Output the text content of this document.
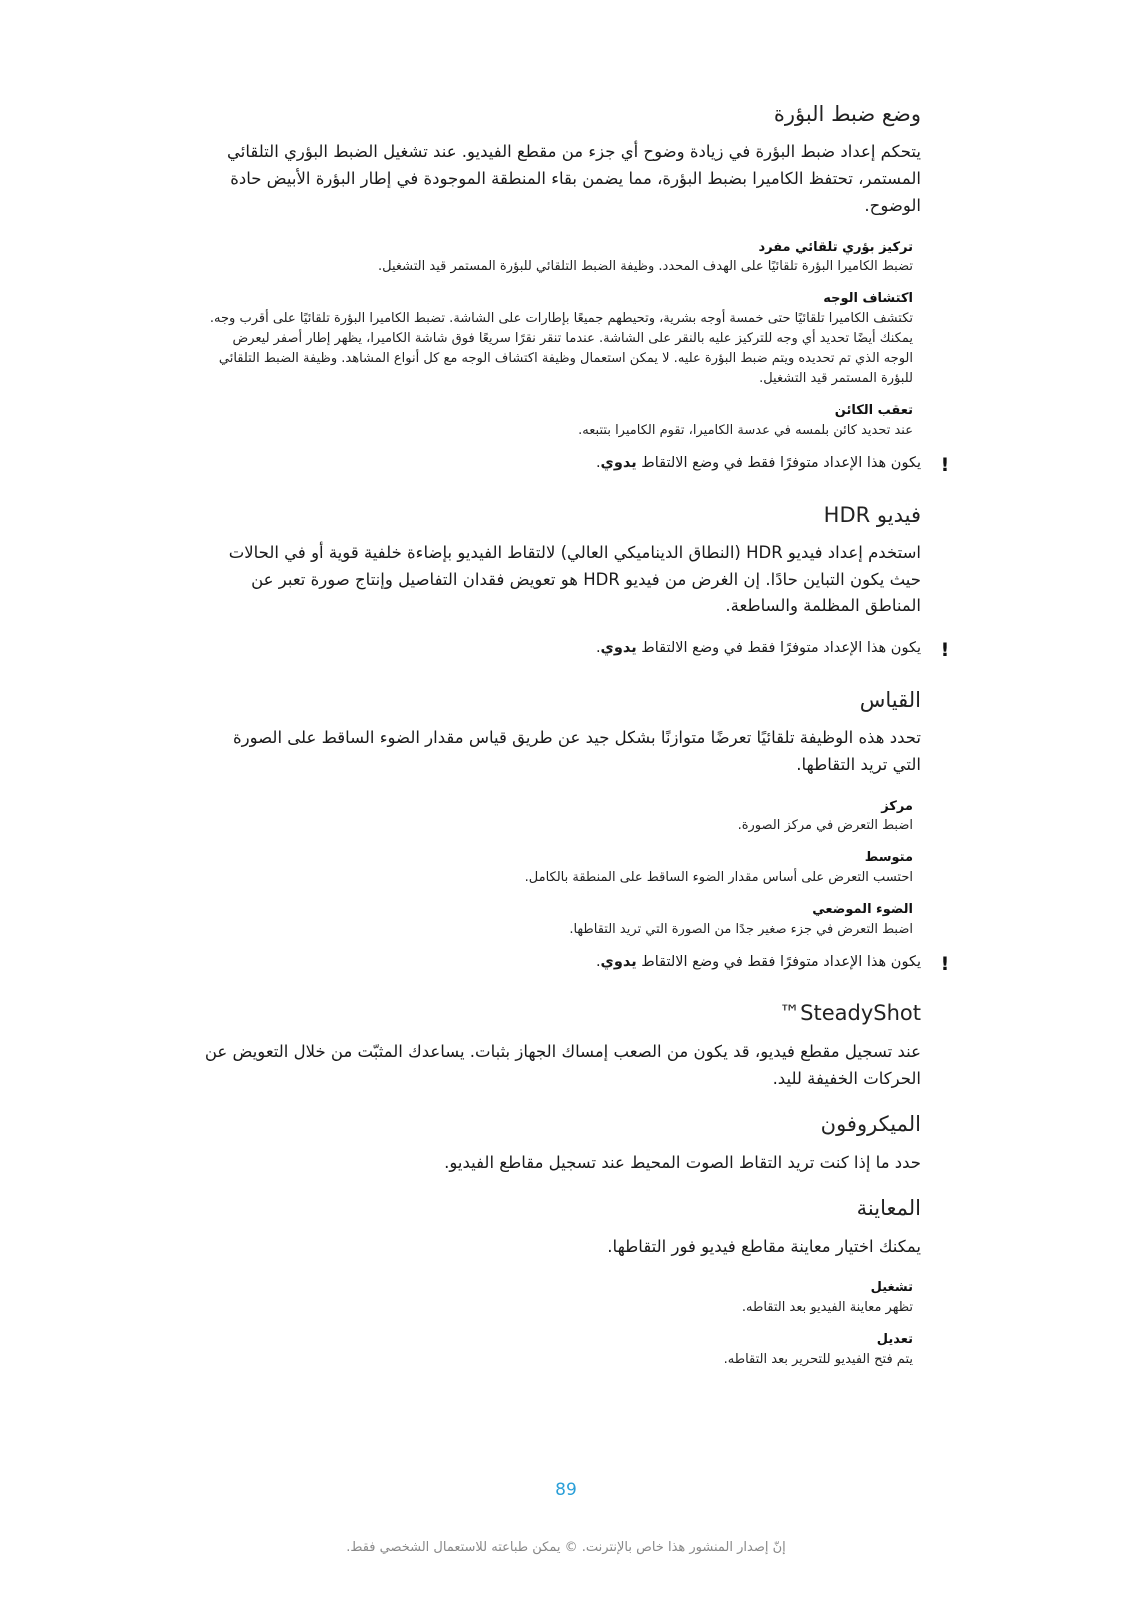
وضع ضبط البؤرة

يتحكم إعداد ضبط البؤرة في زيادة وضوح أي جزء من مقطع الفيديو. عند تشغيل الضبط البؤري التلقائي المستمر، تحتفظ الكاميرا بضبط البؤرة، مما يضمن بقاء المنطقة الموجودة في إطار البؤرة الأبيض حادة الوضوح.

تركيز بؤري تلقائي مفرد
تضبط الكاميرا البؤرة تلقائيًا على الهدف المحدد. وظيفة الضبط التلقائي للبؤرة المستمر قيد التشغيل.
اكتشاف الوجه
تكتشف الكاميرا تلقائيًا حتى خمسة أوجه بشرية، وتحيطهم جميعًا بإطارات على الشاشة. تضبط الكاميرا البؤرة تلقائيًا على أقرب وجه. يمكنك أيضًا تحديد أي وجه للتركيز عليه بالنقر على الشاشة. عندما تنقر نقرًا سريعًا فوق شاشة الكاميرا، يظهر إطار أصفر ليعرض الوجه الذي تم تحديده ويتم ضبط البؤرة عليه. لا يمكن استعمال وظيفة اكتشاف الوجه مع كل أنواع المشاهد. وظيفة الضبط التلقائي للبؤرة المستمر قيد التشغيل.
تعقب الكائن
عند تحديد كائن بلمسه في عدسة الكاميرا، تقوم الكاميرا بتتبعه.
!
يكون هذا الإعداد متوفرًا فقط في وضع الالتقاط يدوي.
فيديو HDR

استخدم إعداد فيديو HDR (النطاق الديناميكي العالي) لالتقاط الفيديو بإضاءة خلفية قوية أو في الحالات حيث يكون التباين حادًا. إن الغرض من فيديو HDR هو تعويض فقدان التفاصيل وإنتاج صورة تعبر عن المناطق المظلمة والساطعة.

!
يكون هذا الإعداد متوفرًا فقط في وضع الالتقاط يدوي.
القياس

تحدد هذه الوظيفة تلقائيًا تعرضًا متوازنًا بشكل جيد عن طريق قياس مقدار الضوء الساقط على الصورة التي تريد التقاطها.

مركز
اضبط التعرض في مركز الصورة.
متوسط
احتسب التعرض على أساس مقدار الضوء الساقط على المنطقة بالكامل.
الضوء الموضعي
اضبط التعرض في جزء صغير جدًا من الصورة التي تريد التقاطها.
!
يكون هذا الإعداد متوفرًا فقط في وضع الالتقاط يدوي.
SteadyShot™

عند تسجيل مقطع فيديو، قد يكون من الصعب إمساك الجهاز بثبات. يساعدك المثبّت من خلال التعويض عن الحركات الخفيفة لليد.

الميكروفون

حدد ما إذا كنت تريد التقاط الصوت المحيط عند تسجيل مقاطع الفيديو.

المعاينة

يمكنك اختيار معاينة مقاطع فيديو فور التقاطها.

تشغيل
تظهر معاينة الفيديو بعد التقاطه.
تعديل
يتم فتح الفيديو للتحرير بعد التقاطه.
89
إنّ إصدار المنشور هذا خاص بالإنترنت. © يمكن طباعته للاستعمال الشخصي فقط.
